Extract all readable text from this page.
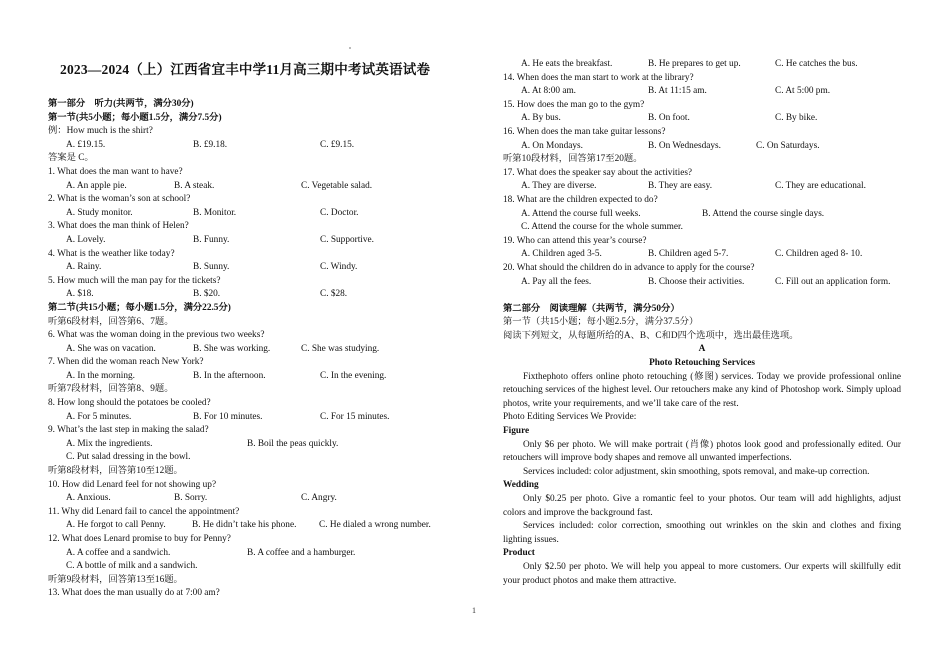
2023—2024（上）江西省宜丰中学11月高三期中考试英语试卷
第一部分　听力(共两节，满分30分)
第一节(共5小题；每小题1.5分，满分7.5分)
例：How much is the shirt?
A. £19.15.	B. £9.18.	C. £9.15.
答案是 C。
1. What does the man want to have?
A. An apple pie.	B. A steak.	C. Vegetable salad.
2. What is the woman’s son at school?
A. Study monitor.	B. Monitor.	C. Doctor.
3. What does the man think of Helen?
A. Lovely.	B. Funny.	C. Supportive.
4. What is the weather like today?
A. Rainy.	B. Sunny.	C. Windy.
5. How much will the man pay for the tickets?
A. $18.	B. $20.	C. $28.
第二节(共15小题；每小题1.5分，满分22.5分)
听第6段材料，回答第6、7题。
6. What was the woman doing in the previous two weeks?
A. She was on vacation.	B. She was working.	C. She was studying.
7. When did the woman reach New York?
A. In the morning.	B. In the afternoon.	C. In the evening.
听第7段材料，回答第8、9题。
8. How long should the potatoes be cooled?
A. For 5 minutes.	B. For 10 minutes.	C. For 15 minutes.
9. What’s the last step in making the salad?
A. Mix the ingredients.	B. Boil the peas quickly.
C. Put salad dressing in the bowl.
听第8段材料，回答第10至12题。
10. How did Lenard feel for not showing up?
A. Anxious.	B. Sorry.	C. Angry.
11. Why did Lenard fail to cancel the appointment?
A. He forgot to call Penny.	B. He didn’t take his phone.	C. He dialed a wrong number.
12. What does Lenard promise to buy for Penny?
A. A coffee and a sandwich.	B. A coffee and a hamburger.
C. A bottle of milk and a sandwich.
听第9段材料，回答第13至16题。
13. What does the man usually do at 7:00 am?
A. He eats the breakfast.	B. He prepares to get up.	C. He catches the bus.
14. When does the man start to work at the library?
A. At 8:00 am.	B. At 11:15 am.	C. At 5:00 pm.
15. How does the man go to the gym?
A. By bus.	B. On foot.	C. By bike.
16. When does the man take guitar lessons?
A. On Mondays.	B. On Wednesdays.	C. On Saturdays.
听第10段材料，回答第17至20题。
17. What does the speaker say about the activities?
A. They are diverse.	B. They are easy.	C. They are educational.
18. What are the children expected to do?
A. Attend the course full weeks.	B. Attend the course single days.
C. Attend the course for the whole summer.
19. Who can attend this year’s course?
A. Children aged 3-5.	B. Children aged 5-7.	C. Children aged 8- 10.
20. What should the children do in advance to apply for the course?
A. Pay all the fees.	B. Choose their activities.	C. Fill out an application form.
第二部分　阅读理解（共两节，满分50分）
第一节（共15小题；每小题2.5分，满分37.5分）
阅读下列短文，从每题所给的A、B、C和D四个选项中，选出最佳选项。
A
Photo Retouching Services
Fixthephoto offers online photo retouching (修图) services. Today we provide professional online retouching services of the highest level. Our retouchers make any kind of Photoshop work. Simply upload photos, write your requirements, and we’ll take care of the rest.
Photo Editing Services We Provide:
Figure
Only $6 per photo. We will make portrait (肖像) photos look good and professionally edited. Our retouchers will improve body shapes and remove all unwanted imperfections.
Services included: color adjustment, skin smoothing, spots removal, and make-up correction.
Wedding
Only $0.25 per photo. Give a romantic feel to your photos. Our team will add highlights, adjust colors and improve the background fast.
Services included: color correction, smoothing out wrinkles on the skin and clothes and fixing lighting issues.
Product
Only $2.50 per photo. We will help you appeal to more customers. Our experts will skillfully edit your product photos and make them attractive.
1
